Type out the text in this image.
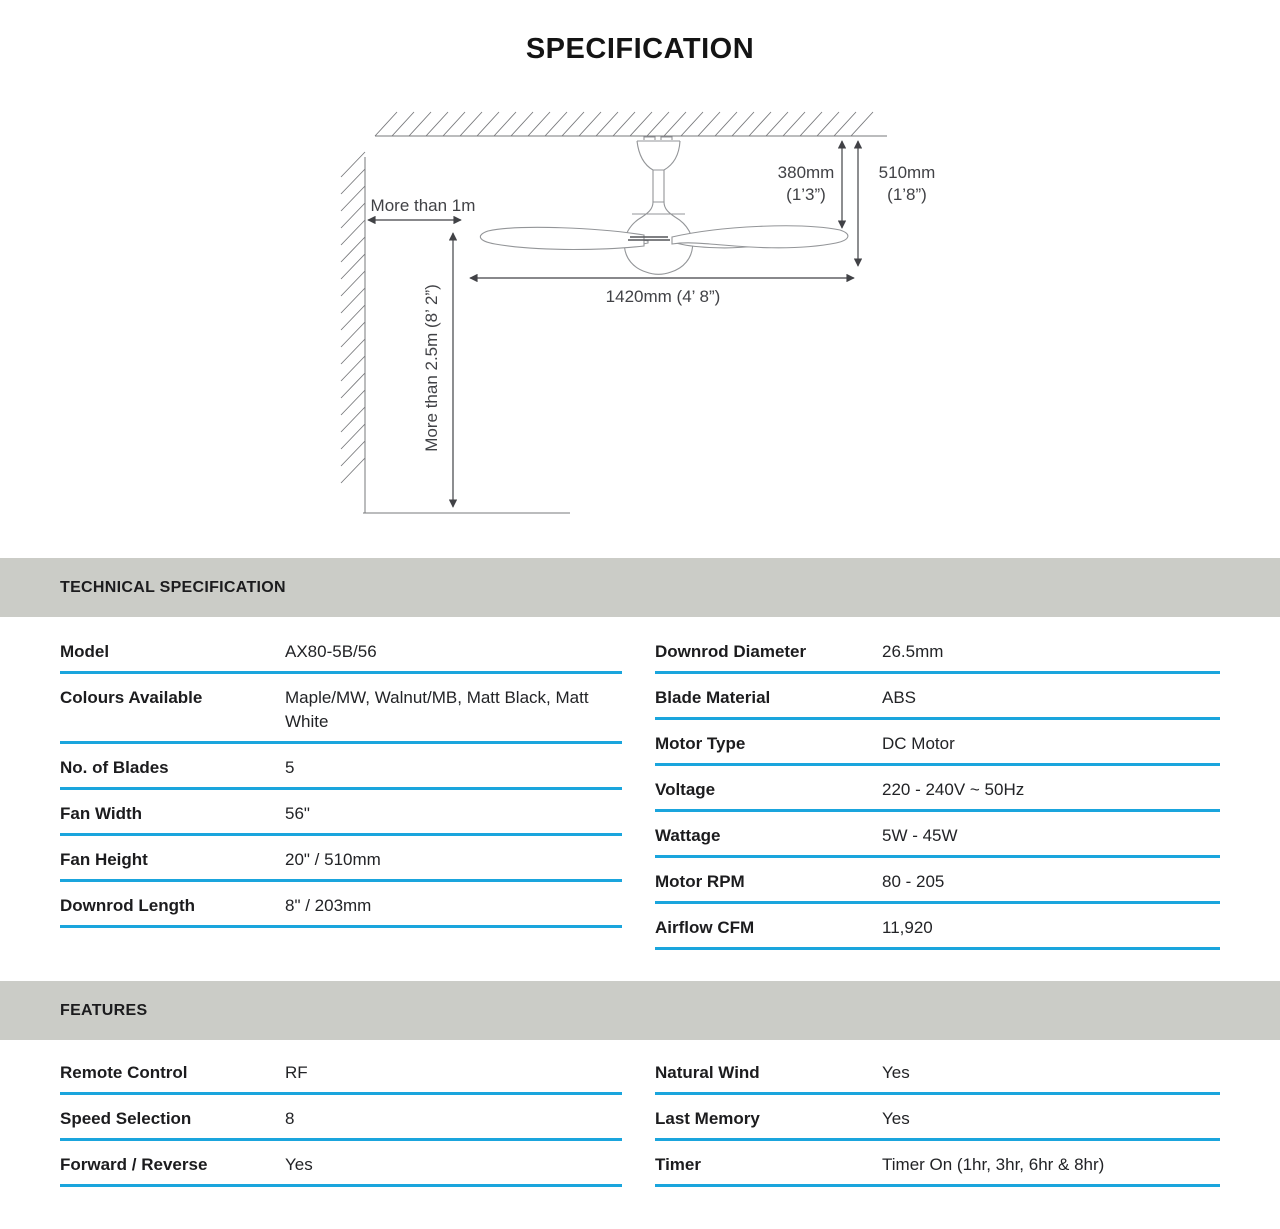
SPECIFICATION
More than 1m
More than 2.5m (8’ 2”)
380mm
(1’3”)
510mm
(1’8”)
1420mm (4’ 8”)
TECHNICAL SPECIFICATION
Model	AX80-5B/56
Colours Available	Maple/MW, Walnut/MB, Matt Black, Matt White
No. of Blades	5
Fan Width	56"
Fan Height	20" / 510mm
Downrod Length	8" / 203mm
Downrod Diameter	26.5mm
Blade Material	ABS
Motor Type	DC Motor
Voltage	220 - 240V ~ 50Hz
Wattage	5W - 45W
Motor RPM	80 - 205
Airflow CFM	11,920
FEATURES
Remote Control	RF
Speed Selection	8
Forward / Reverse	Yes
Natural Wind	Yes
Last Memory	Yes
Timer	Timer On (1hr, 3hr, 6hr & 8hr)
